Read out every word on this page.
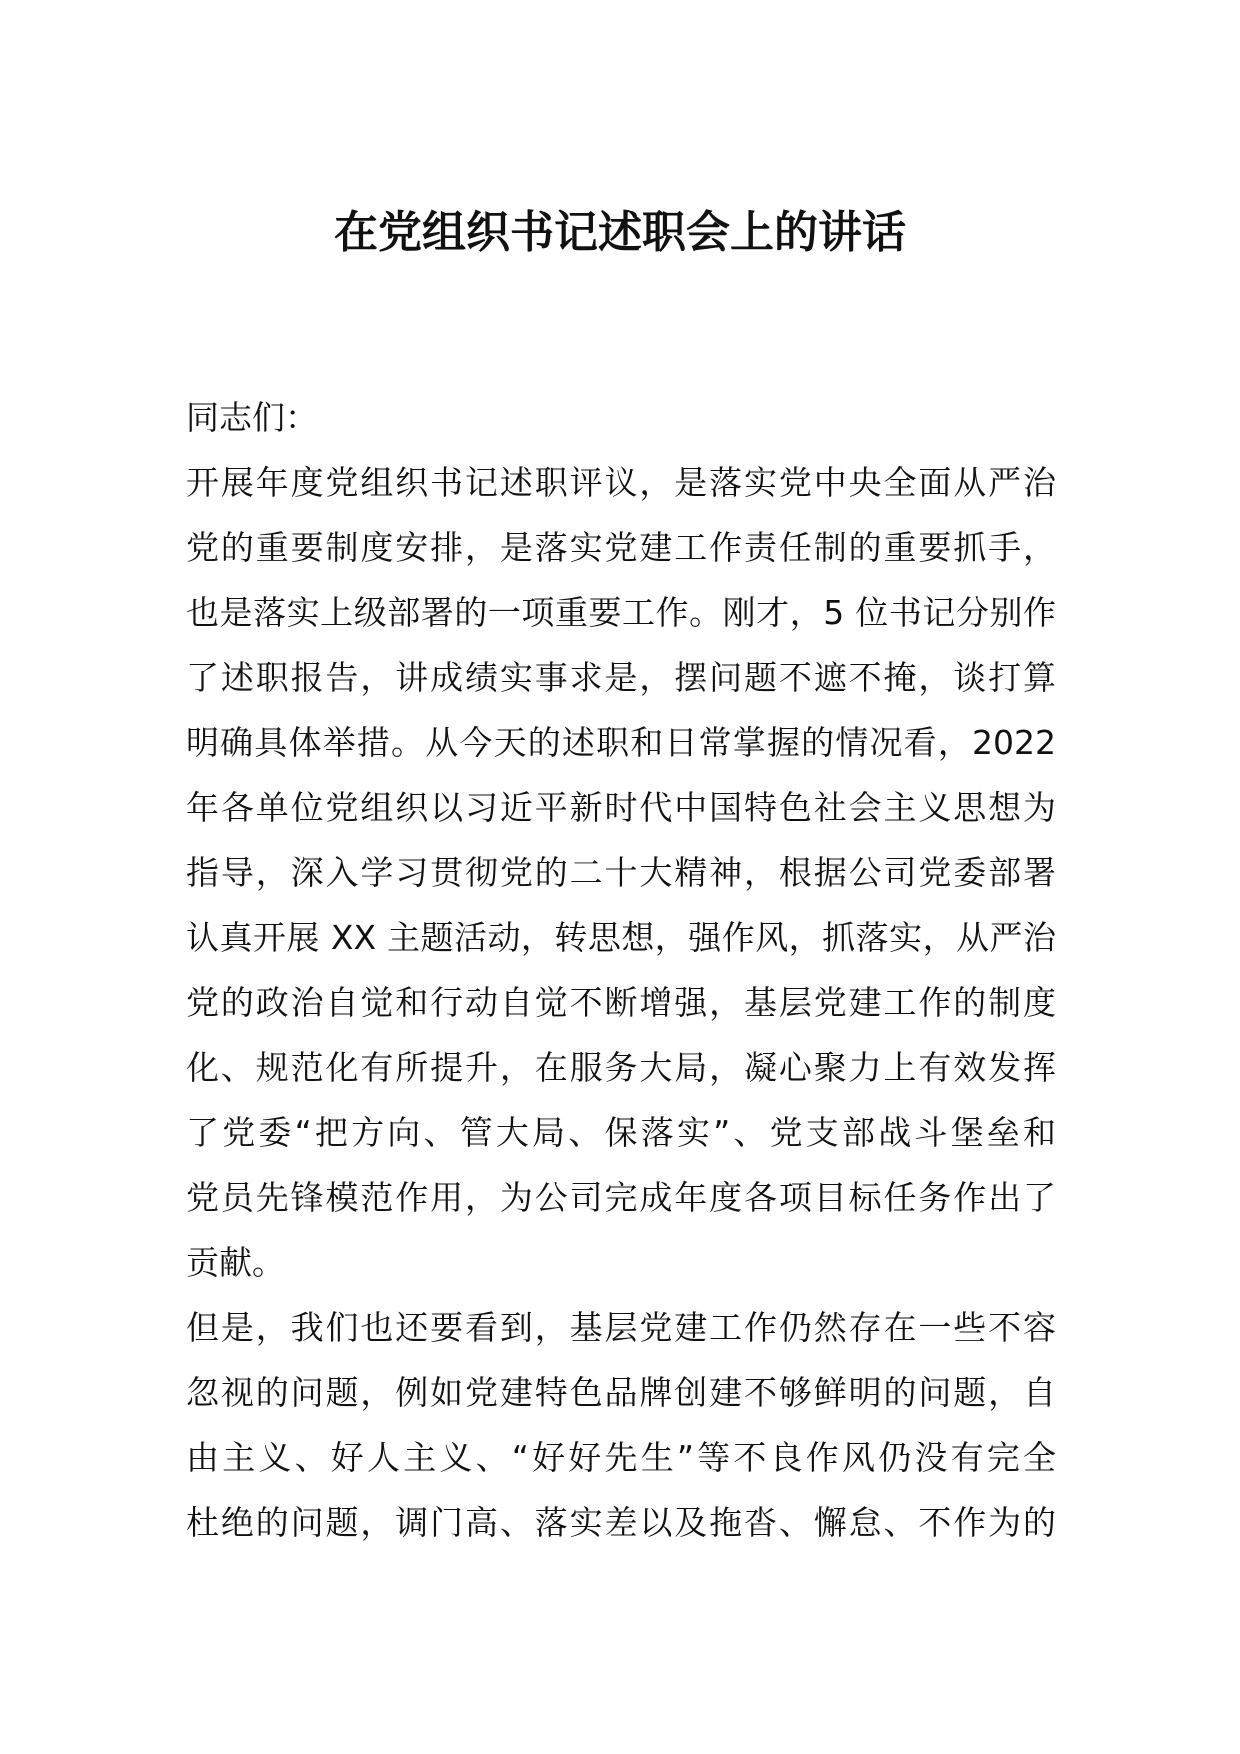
在党组织书记述职会上的讲话
同志们：
开展年度党组织书记述职评议，是落实党中央全面从严治
党的重要制度安排，是落实党建工作责任制的重要抓手，
也是落实上级部署的一项重要工作。刚才，5 位书记分别作
了述职报告，讲成绩实事求是，摆问题不遮不掩，谈打算
明确具体举措。从今天的述职和日常掌握的情况看，2022
年各单位党组织以习近平新时代中国特色社会主义思想为
指导，深入学习贯彻党的二十大精神，根据公司党委部署
认真开展 XX 主题活动，转思想，强作风，抓落实，从严治
党的政治自觉和行动自觉不断增强，基层党建工作的制度
化、规范化有所提升，在服务大局，凝心聚力上有效发挥
了党委“把方向、管大局、保落实”、党支部战斗堡垒和
党员先锋模范作用，为公司完成年度各项目标任务作出了
贡献。
但是，我们也还要看到，基层党建工作仍然存在一些不容
忽视的问题，例如党建特色品牌创建不够鲜明的问题，自
由主义、好人主义、“好好先生”等不良作风仍没有完全
杜绝的问题，调门高、落实差以及拖沓、懈怠、不作为的
